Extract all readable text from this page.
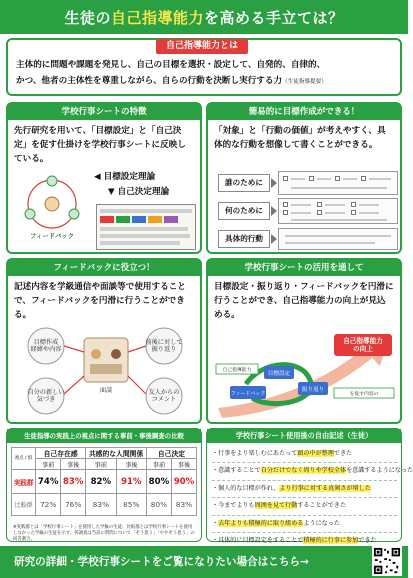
生徒の自己指導能力を高める手立ては？
自己指導能力とは
主体的に問題や課題を発見し、自己の目標を選択・設定して、自発的、自律的、
かつ、他者の主体性を尊重しながら、自らの行動を決断し実行する力（生徒指導提要）
学校行事シートの特徴
先行研究を用いて、「目標設定」と「自己決定」を促す仕掛けを学校行事シートに反映している。
フィードバック
◀ 目標設定理論
▼ 自己決定理論
簡易的に目標作成ができる！
「対象」と「行動の価値」が考えやすく、具体的な行動を想像して書くことができる。
誰のために
何のために
具体的行動
フィードバックに役立つ！
記述内容を学級通信や面談等で使用することで、フィードバックを円滑に行うことができる。
目標作成経緯や内容
前後に対して振り返り
自分の新しい気づき
面談	友人からのコメント
学校行事シートの活用を通して
目標設定・振り返り・フィードバックを円滑に行うことができ、自己指導能力の向上が見込める。
自己指導能力の向上
目標設定
振り返り
フィードバック
自己指導能力
を促す内容の
生徒指導の実践上の視点に関する事前・事後調査の比較
視点 / 群	自己存在感		共感的な人間関係		自己決定	
	事前	事後	事前	事後	事前	事後
実践群	74%	83%	82%	91%	80%	90%
比較群	72%	76%	83%	85%	80%	83%
※実践群とは「学校行事シート」を使用した学級の生徒、比較群とは学校行事シートを使用しなかった学級の生徒を示す。各調査は当該の質問について「そう思う」「ややそう思う」の回答割合。
学校行事シート使用後の自由記述（生徒）
・行事をより楽しむにあたって頭の中が整理できた
・意識することで自分だけでなく周りや学校全体を意識するようになった
・個人的な目標が作れ、より行事に対する真剣さが増した
・今までよりも周囲を見て行動することができた
・去年よりも積極的に取り組めるようになった
・具体的に目標設定をすることで積極的に行事に参加できた
研究の詳細・学校行事シートをご覧になりたい場合はこちら→
